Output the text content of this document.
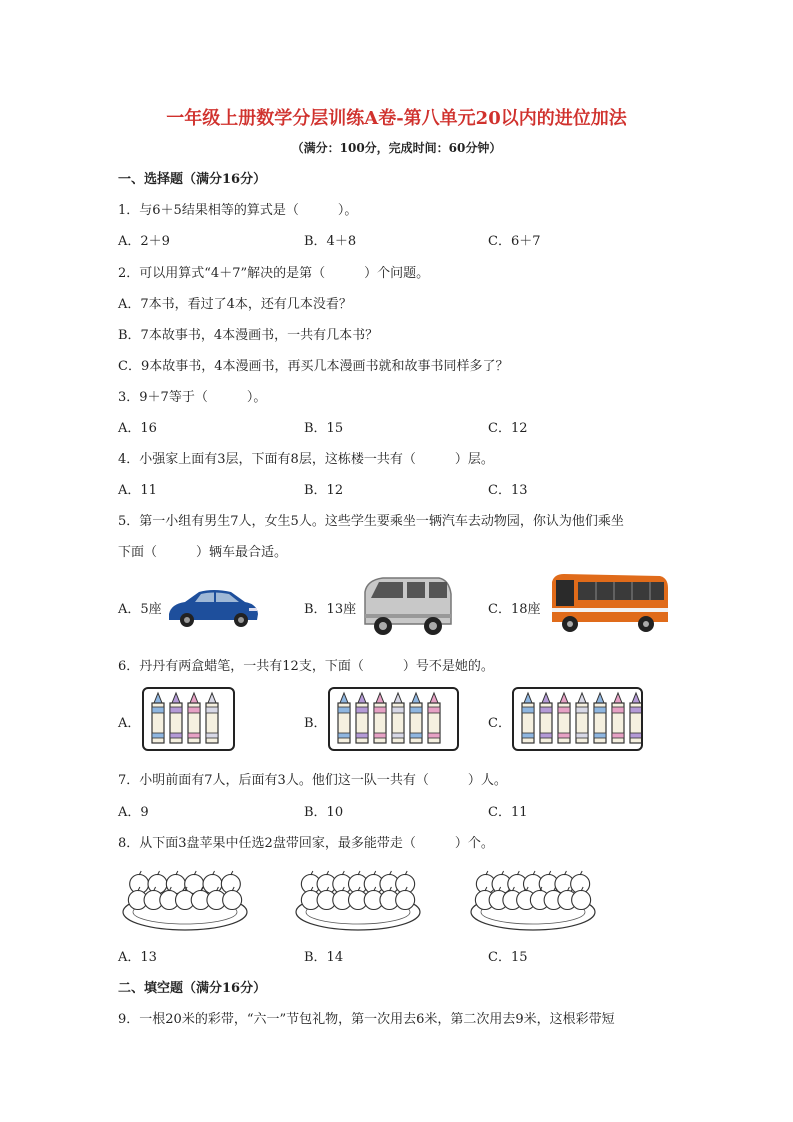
一年级上册数学分层训练A卷-第八单元20以内的进位加法
（满分：100分，完成时间：60分钟）
一、选择题（满分16分）
1．与6＋5结果相等的算式是（　　　）。
A．2＋9	B．4＋8	C．6＋7
2．可以用算式“4＋7”解决的是第（　　　）个问题。
A．7本书，看过了4本，还有几本没看？
B．7本故事书，4本漫画书，一共有几本书？
C．9本故事书，4本漫画书，再买几本漫画书就和故事书同样多了？
3．9＋7等于（　　　）。
A．16	B．15	C．12
4．小强家上面有3层，下面有8层，这栋楼一共有（　　　）层。
A．11	B．12	C．13
5．第一小组有男生7人，女生5人。这些学生要乘坐一辆汽车去动物园，你认为他们乘坐
下面（　　　）辆车最合适。
A．5座	B．13座	C．18座
6．丹丹有两盒蜡笔，一共有12支，下面（　　　）号不是她的。
A．	B．	C．
7．小明前面有7人，后面有3人。他们这一队一共有（　　　）人。
A．9	B．10	C．11
8．从下面3盘苹果中任选2盘带回家，最多能带走（　　　）个。
A．13	B．14	C．15
二、填空题（满分16分）
9．一根20米的彩带，“六一”节包礼物，第一次用去6米，第二次用去9米，这根彩带短
